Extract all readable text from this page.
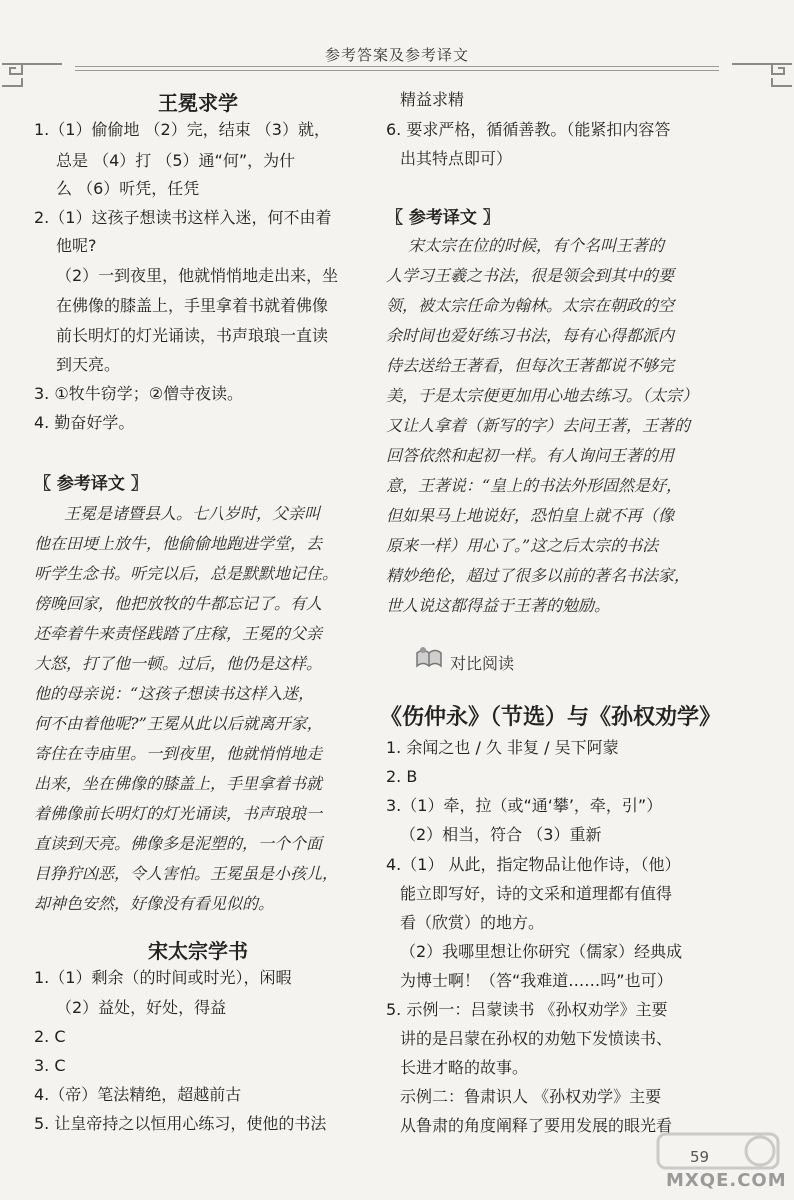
参考答案及参考译文
王冕求学
1.（1）偷偷地 （2）完，结束 （3）就，
总是 （4）打 （5）通“何”，为什
么 （6）听凭，任凭
2.（1）这孩子想读书这样入迷，何不由着
他呢?
（2）一到夜里，他就悄悄地走出来，坐
在佛像的膝盖上，手里拿着书就着佛像
前长明灯的灯光诵读，书声琅琅一直读
到天亮。
3. ①牧牛窃学；②僧寺夜读。
4. 勤奋好学。
〖 参考译文 〗
王冕是诸暨县人。七八岁时，父亲叫
他在田埂上放牛，他偷偷地跑进学堂，去
听学生念书。听完以后，总是默默地记住。
傍晚回家，他把放牧的牛都忘记了。有人
还牵着牛来责怪践踏了庄稼，王冕的父亲
大怒，打了他一顿。过后，他仍是这样。
他的母亲说：“这孩子想读书这样入迷，
何不由着他呢?”王冕从此以后就离开家，
寄住在寺庙里。一到夜里，他就悄悄地走
出来，坐在佛像的膝盖上，手里拿着书就
着佛像前长明灯的灯光诵读，书声琅琅一
直读到天亮。佛像多是泥塑的，一个个面
目狰狞凶恶，令人害怕。王冕虽是小孩儿，
却神色安然，好像没有看见似的。
宋太宗学书
1.（1）剩余（的时间或时光），闲暇
（2）益处，好处，得益
2. C
3. C
4.（帝）笔法精绝，超越前古
5. 让皇帝持之以恒用心练习，使他的书法
精益求精
6. 要求严格，循循善教。（能紧扣内容答
出其特点即可）
〖 参考译文 〗
宋太宗在位的时候，有个名叫王著的
人学习王羲之书法，很是领会到其中的要
领，被太宗任命为翰林。太宗在朝政的空
余时间也爱好练习书法，每有心得都派内
侍去送给王著看，但每次王著都说不够完
美，于是太宗便更加用心地去练习。（太宗）
又让人拿着（新写的字）去问王著，王著的
回答依然和起初一样。有人询问王著的用
意，王著说：“皇上的书法外形固然是好，
但如果马上地说好，恐怕皇上就不再（像
原来一样）用心了。”这之后太宗的书法
精妙绝伦，超过了很多以前的著名书法家，
世人说这都得益于王著的勉励。
《伤仲永》（节选）与《孙权劝学》
1. 余闻之也 / 久 非复 / 吴下阿蒙
2. B
3.（1）牵，拉（或“通‘攀’，牵，引”）
（2）相当，符合 （3）重新
4.（1） 从此，指定物品让他作诗，（他）
能立即写好，诗的文采和道理都有值得
看（欣赏）的地方。
（2）我哪里想让你研究（儒家）经典成
为博士啊！（答“我难道……吗”也可）
5. 示例一：吕蒙读书 《孙权劝学》主要
讲的是吕蒙在孙权的劝勉下发愤读书、
长进才略的故事。
示例二：鲁肃识人 《孙权劝学》主要
从鲁肃的角度阐释了要用发展的眼光看
对比阅读
59
MXQE.COM
